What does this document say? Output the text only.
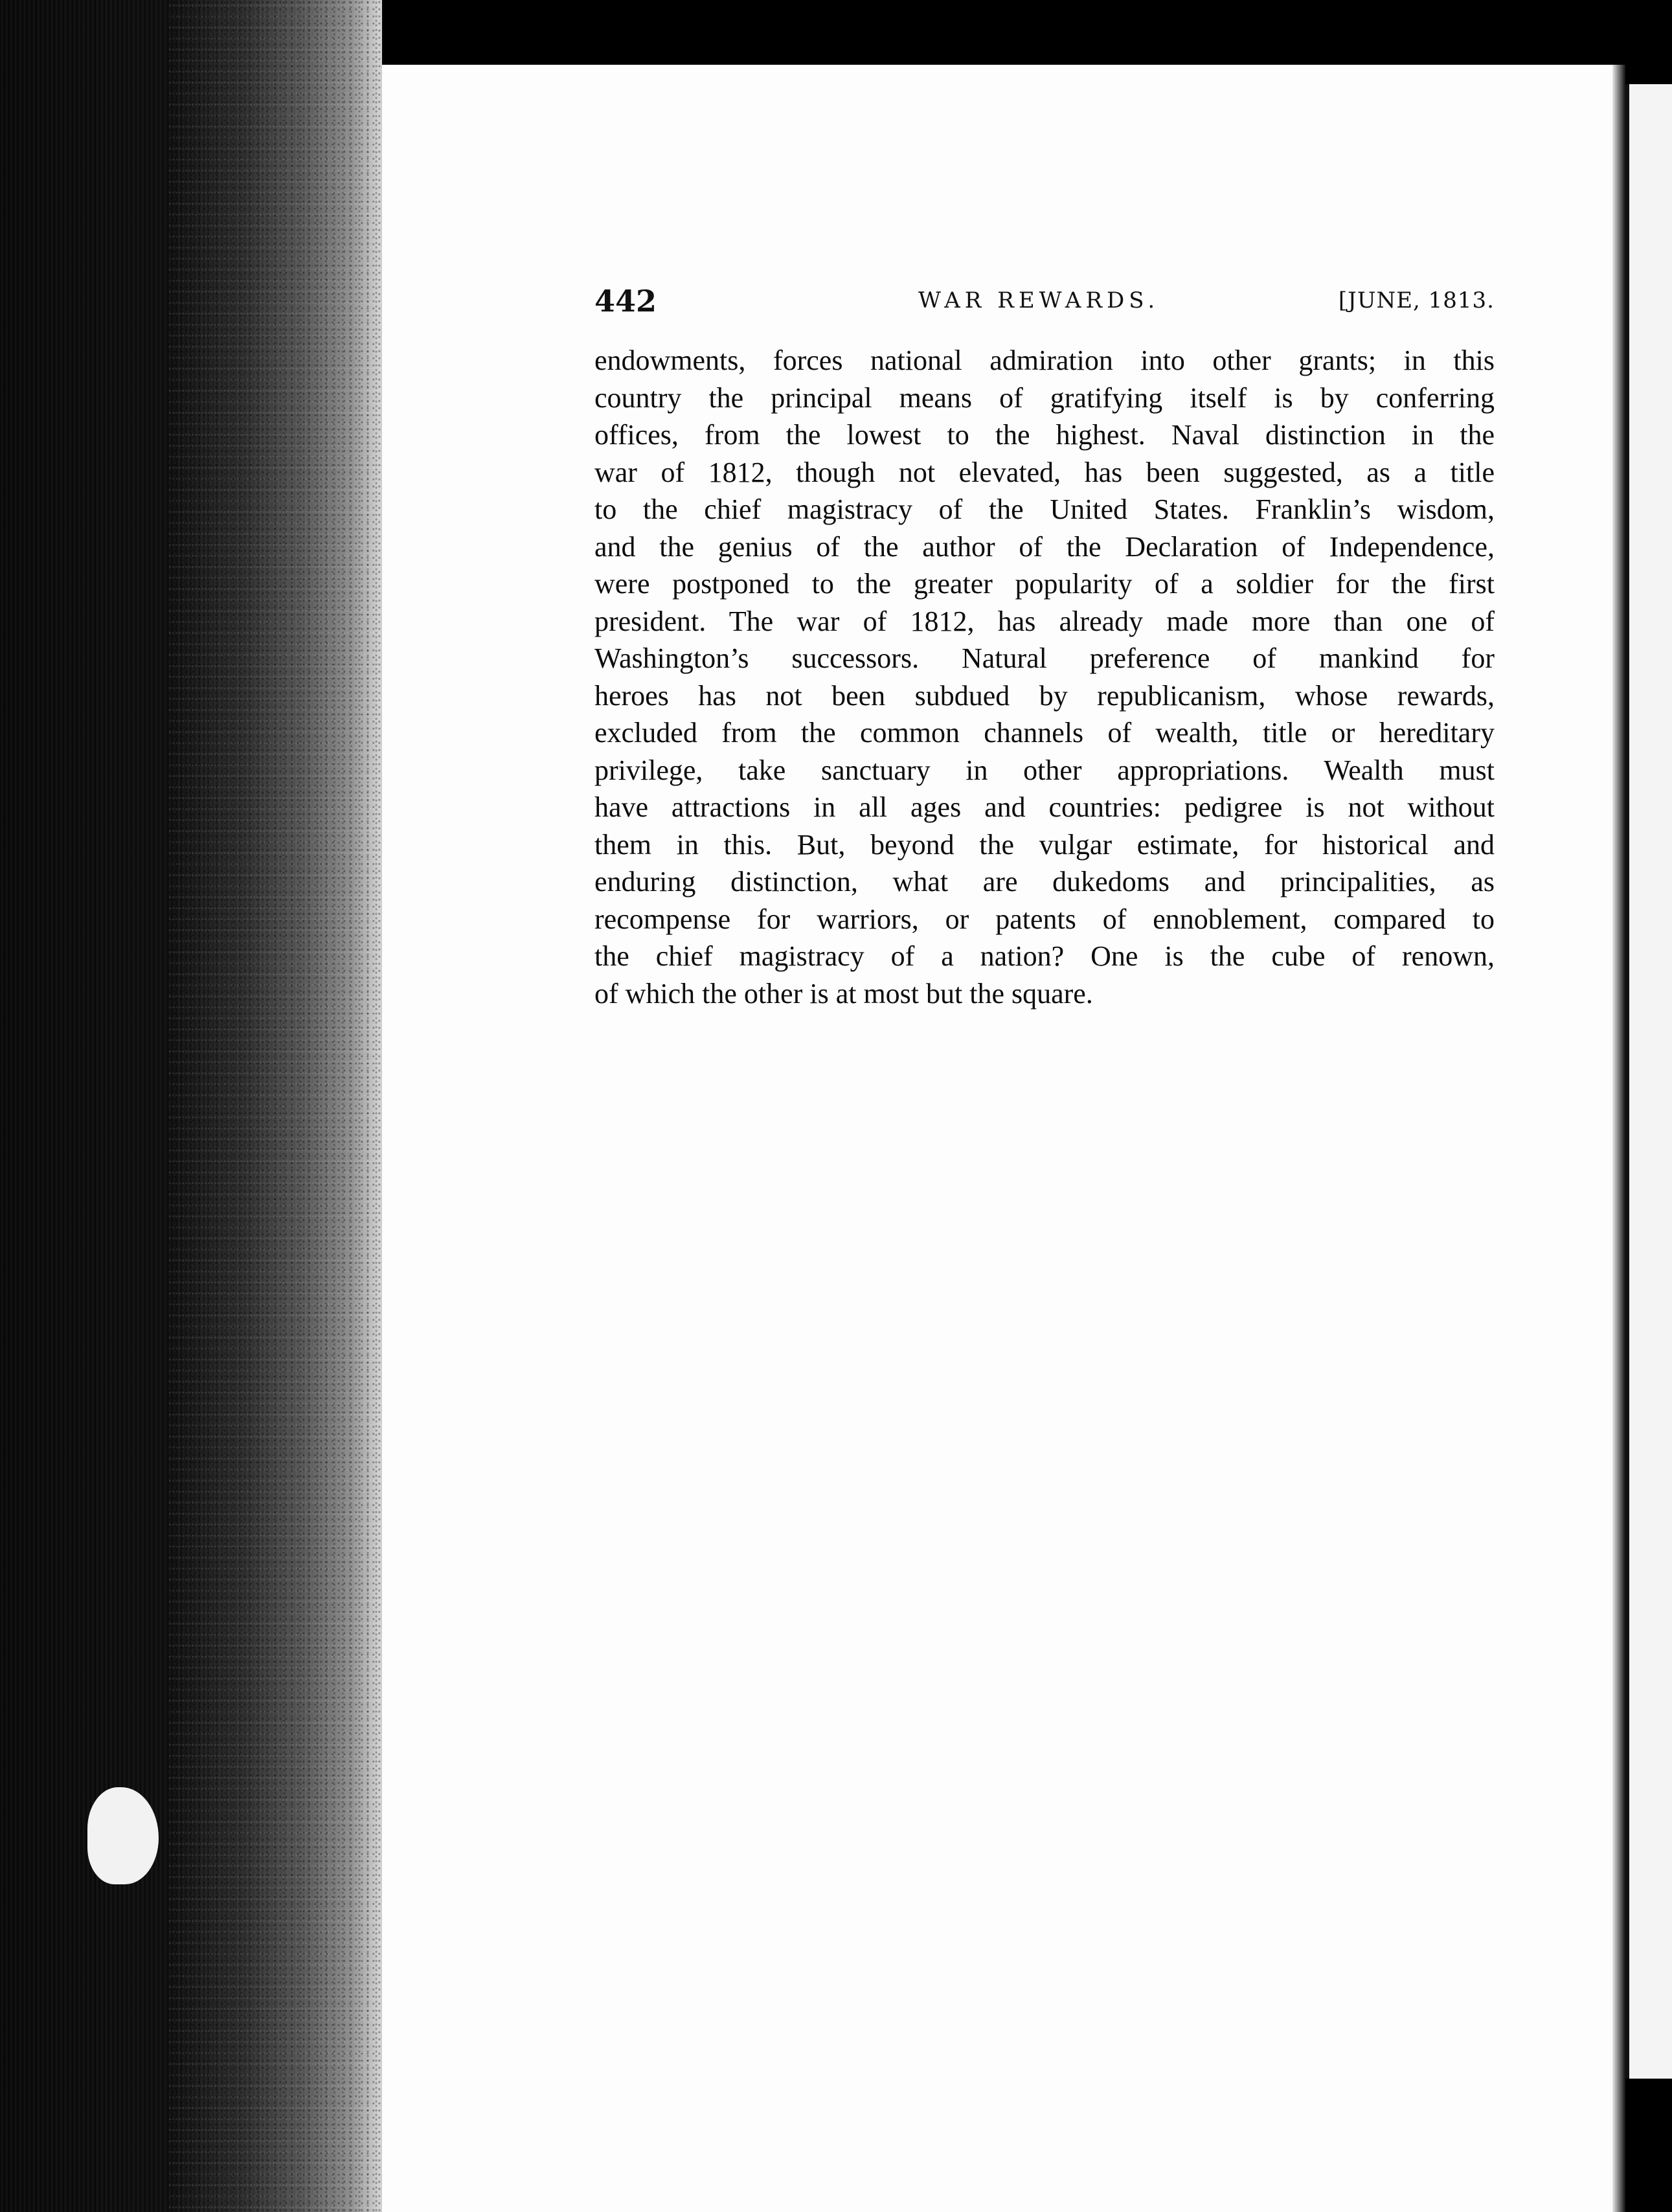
442	WAR REWARDS.	[JUNE, 1813.
endowments, forces national admiration into other grants; in this
country the principal means of gratifying itself is by conferring
offices, from the lowest to the highest. Naval distinction in the
war of 1812, though not elevated, has been suggested, as a title
to the chief magistracy of the United States. Franklin’s wisdom,
and the genius of the author of the Declaration of Independence,
were postponed to the greater popularity of a soldier for the first
president. The war of 1812, has already made more than one of
Washington’s successors. Natural preference of mankind for
heroes has not been subdued by republicanism, whose rewards,
excluded from the common channels of wealth, title or hereditary
privilege, take sanctuary in other appropriations. Wealth must
have attractions in all ages and countries: pedigree is not without
them in this. But, beyond the vulgar estimate, for historical and
enduring distinction, what are dukedoms and principalities, as
recompense for warriors, or patents of ennoblement, compared to
the chief magistracy of a nation? One is the cube of renown,
of which the other is at most but the square.
